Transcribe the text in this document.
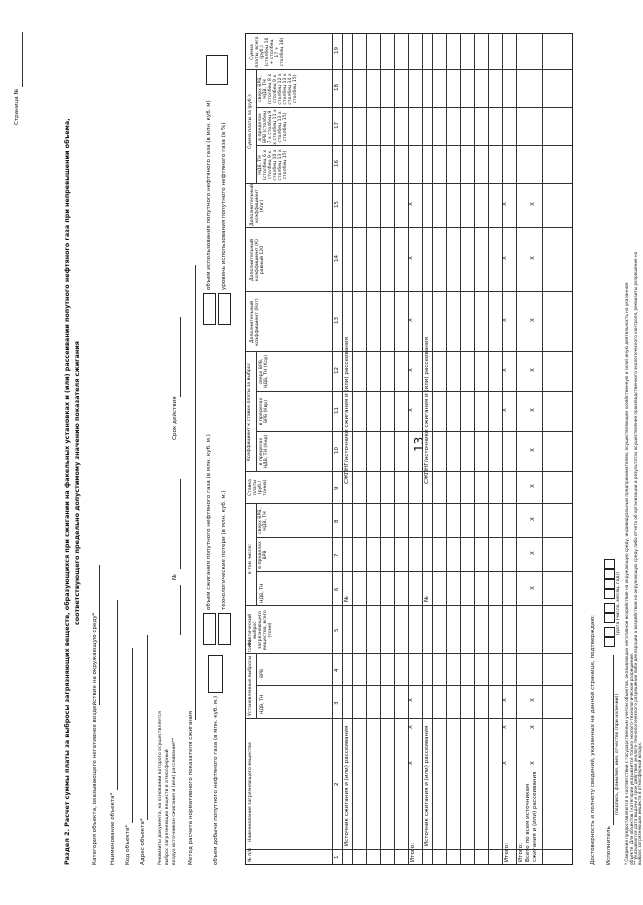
13
Страница №
Раздел 2. Расчет суммы платы за выбросы загрязняющих веществ, образующихся при сжигании на факельных установках и (или) рассеивании попутного нефтяного газа при непревышении объема, соответствующего предельно допустимому значению показателя сжигания
Категория объекта, оказывающего негативное воздействие на окружающую среду* Наименование объекта* Код объекта* Адрес объекта*	Реквизиты документа, на основании которого осуществляется выброс загрязняющих веществ в атмосферный воздух источником сжигания и (или) рассеивания**
№
Срок действия
Метод расчета нормативного показателя сжигания	объем добычи попутного нефтяного газа (в млн. куб. м.)
объем сжигания попутного нефтяного газа (в млн. куб. м.) технологические потери (в млн. куб. м.)
объем использования попутного нефтяного газа (в млн. куб. м) уровень использования попутного нефтяного газа (в %)
№ п/п
Наименование загрязняющего вещества
Установленные выбросы (тонн) НДВ, ТН
ВРВ
Фактический выброс загрязняющего вещества, всего (тонн)
в том числе:
НДВ, ТН
в пределах ВРВ
сверх ВРВ, НДВ, ТН
Ставка платы (руб./тонна)
Коэффициент к ставке платы за выброс в пределах НДВ, ТН (Кнд)
в пределах ВРВ (Квр)
сверх ВРВ, НДВ, ТН (Кср)
Дополнительный коэффициент (Кот)
Дополнительный коэффициент (К) равный 120
Дополнительный коэффициент (Кпг)
Сумма платы за (руб.):
НДВ, ТН (столбец 6 x столбец 9 x столбец 10 x столбец 13 x столбец 15)
в пределах ВРВ (столбец 7 x столбец 9 x столбец 11 x столбец 13 x столбец 15)
сверх ВРВ, НДВ, ТН (столбец 8 x столбец 9 x столбец 12 x столбец 13 x столбец 14 x столбец 15)
Сумма платы, всего (руб.) (столбец 16 + столбец 17 + столбец 18)
1
2
3
4
5
6
7
8
9
10
11
12
13
14
15
16
17
18
19
Источник сжигания и (или) рассеивания
№
СЖПНГ/источники сжигания и (или) рассеивания
Итого:
Источник сжигания и (или) рассеивания
№
СЖПНГ/источники сжигания и (или) рассеивания
Итого: Итого: Всего по всем источникам сжигания и (или) рассеивания
Х
Х
Х
Х
Х
Х
Х
Х
Х
Х
Х
Х
Х
Х
Х
Х
Х
Х
Х
Х
Х
Х
Х
Х
Х
Х
Х
Х
Х
Достоверность и полноту сведений, указанных на данной странице, подтверждаю: Исполнитель
(подпись, фамилия, имя, отчество (при наличии))
(дата (число, месяц, год)) * Сведения предоставляются в соответствии с государственным учетом объектов, оказывающих негативное воздействие на окружающую среду, индивидуальным предпринимателем, осуществляющим хозяйственную и (или) иную деятельность на указанном объекте. Для объектов I категории указывается только эколого-технологическое разрешение. ** Указываются дата выдачи и срок действия эколого-технологического разрешения либо декларации о воздействии на окружающую среду либо отчета об организации и результатах осуществления производственного экологического контроля, реквизиты разрешения на выброс загрязняющих веществ в атмосферный воздух.
